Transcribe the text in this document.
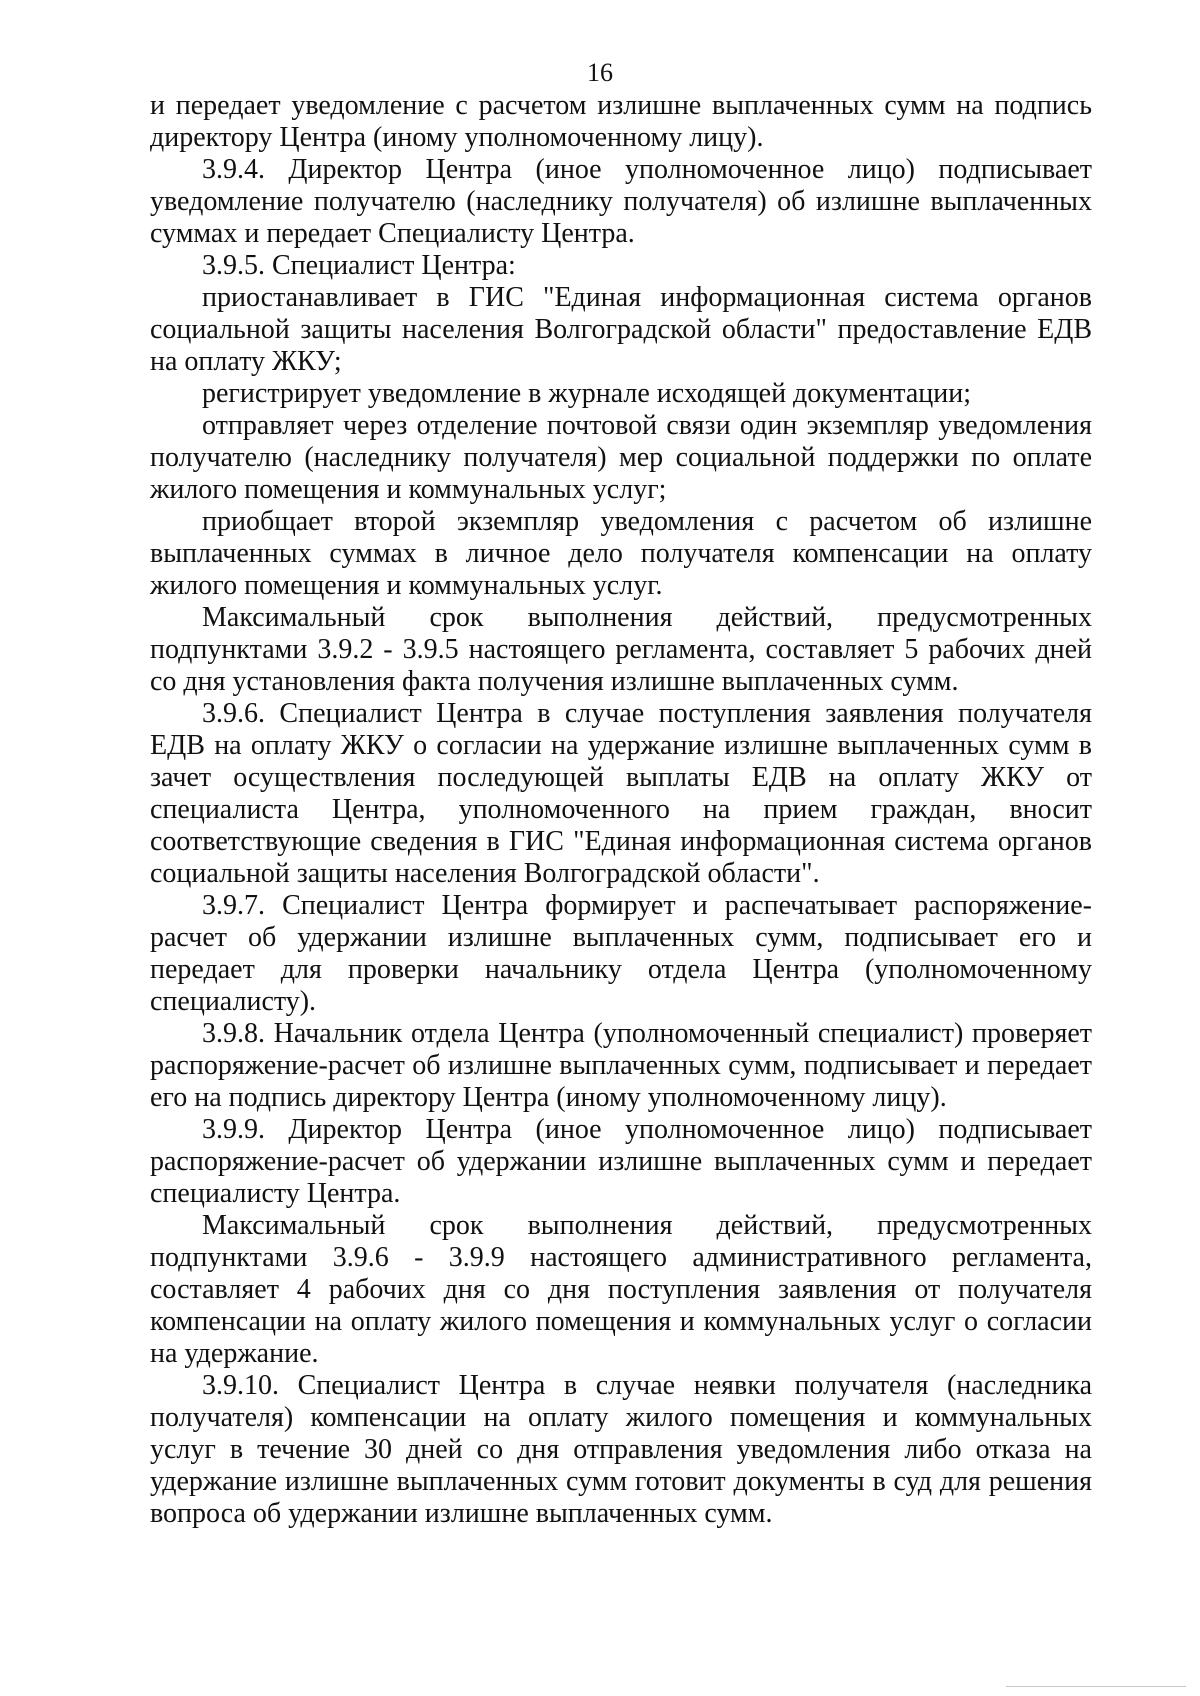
16

и передает уведомление с расчетом излишне выплаченных сумм на подпись директору Центра (иному уполномоченному лицу).

3.9.4. Директор Центра (иное уполномоченное лицо) подписывает уведомление получателю (наследнику получателя) об излишне выплаченных суммах и передает Специалисту Центра.

3.9.5. Специалист Центра:

приостанавливает в ГИС "Единая информационная система органов социальной защиты населения Волгоградской области" предоставление ЕДВ на оплату ЖКУ;

регистрирует уведомление в журнале исходящей документации;

отправляет через отделение почтовой связи один экземпляр уведомления получателю (наследнику получателя) мер социальной поддержки по оплате жилого помещения и коммунальных услуг;

приобщает второй экземпляр уведомления с расчетом об излишне выплаченных суммах в личное дело получателя компенсации на оплату жилого помещения и коммунальных услуг.

Максимальный срок выполнения действий, предусмотренных подпунктами 3.9.2 - 3.9.5 настоящего регламента, составляет 5 рабочих дней со дня установления факта получения излишне выплаченных сумм.

3.9.6. Специалист Центра в случае поступления заявления получателя ЕДВ на оплату ЖКУ о согласии на удержание излишне выплаченных сумм в зачет осуществления последующей выплаты ЕДВ на оплату ЖКУ от специалиста Центра, уполномоченного на прием граждан, вносит соответствующие сведения в ГИС "Единая информационная система органов социальной защиты населения Волгоградской области".

3.9.7. Специалист Центра формирует и распечатывает распоряжение-расчет об удержании излишне выплаченных сумм, подписывает его и передает для проверки начальнику отдела Центра (уполномоченному специалисту).

3.9.8. Начальник отдела Центра (уполномоченный специалист) проверяет распоряжение-расчет об излишне выплаченных сумм, подписывает и передает его на подпись директору Центра (иному уполномоченному лицу).

3.9.9. Директор Центра (иное уполномоченное лицо) подписывает распоряжение-расчет об удержании излишне выплаченных сумм и передает специалисту Центра.

Максимальный срок выполнения действий, предусмотренных подпунктами 3.9.6 - 3.9.9 настоящего административного регламента, составляет 4 рабочих дня со дня поступления заявления от получателя компенсации на оплату жилого помещения и коммунальных услуг о согласии на удержание.

3.9.10. Специалист Центра в случае неявки получателя (наследника получателя) компенсации на оплату жилого помещения и коммунальных услуг в течение 30 дней со дня отправления уведомления либо отказа на удержание излишне выплаченных сумм готовит документы в суд для решения вопроса об удержании излишне выплаченных сумм.
